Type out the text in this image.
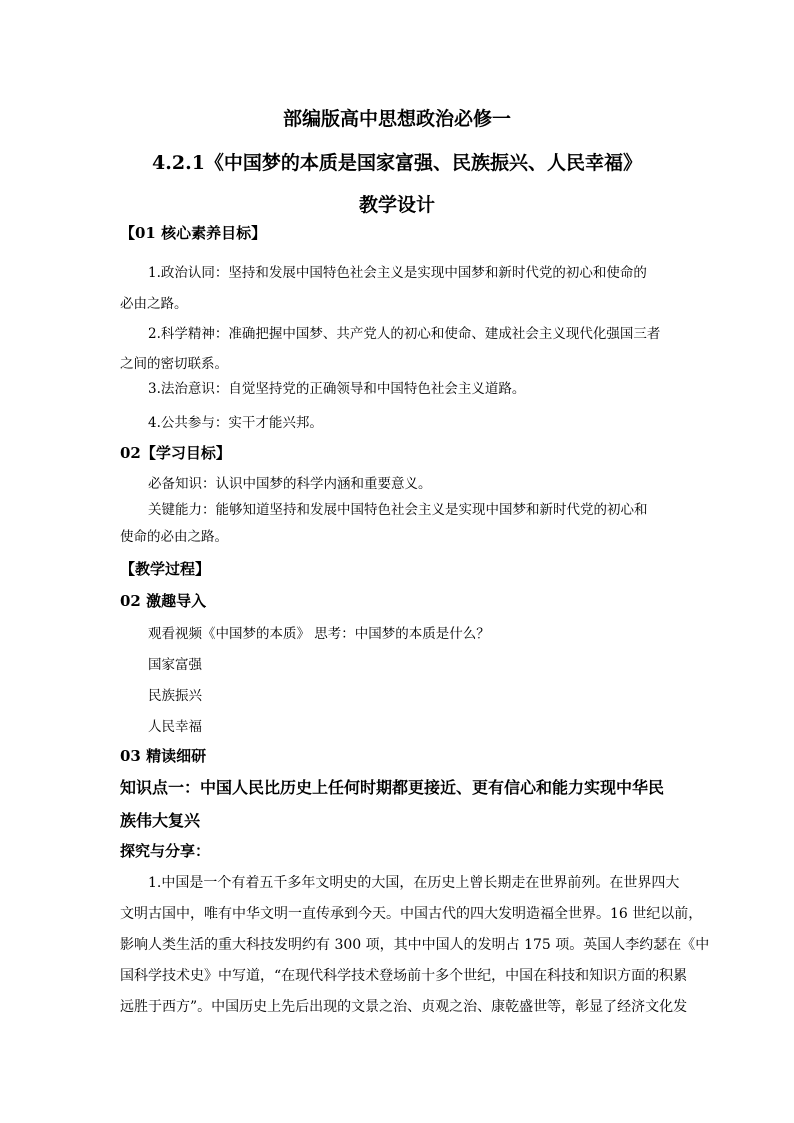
部编版高中思想政治必修一
4.2.1《中国梦的本质是国家富强、民族振兴、人民幸福》
教学设计
【01 核心素养目标】
1.政治认同：坚持和发展中国特色社会主义是实现中国梦和新时代党的初心和使命的
必由之路。
2.科学精神：准确把握中国梦、共产党人的初心和使命、建成社会主义现代化强国三者
之间的密切联系。
3.法治意识：自觉坚持党的正确领导和中国特色社会主义道路。
4.公共参与：实干才能兴邦。
02【学习目标】
必备知识：认识中国梦的科学内涵和重要意义。
关键能力：能够知道坚持和发展中国特色社会主义是实现中国梦和新时代党的初心和
使命的必由之路。
【教学过程】
02 激趣导入
观看视频《中国梦的本质》 思考：中国梦的本质是什么？
国家富强
民族振兴
人民幸福
03 精读细研
知识点一：中国人民比历史上任何时期都更接近、更有信心和能力实现中华民
族伟大复兴
探究与分享：
1.中国是一个有着五千多年文明史的大国，在历史上曾长期走在世界前列。在世界四大
文明古国中，唯有中华文明一直传承到今天。中国古代的四大发明造福全世界。16 世纪以前，
影响人类生活的重大科技发明约有 300 项，其中中国人的发明占 175 项。英国人李约瑟在《中
国科学技术史》中写道，“在现代科学技术登场前十多个世纪，中国在科技和知识方面的积累
远胜于西方”。中国历史上先后出现的文景之治、贞观之治、康乾盛世等，彰显了经济文化发
